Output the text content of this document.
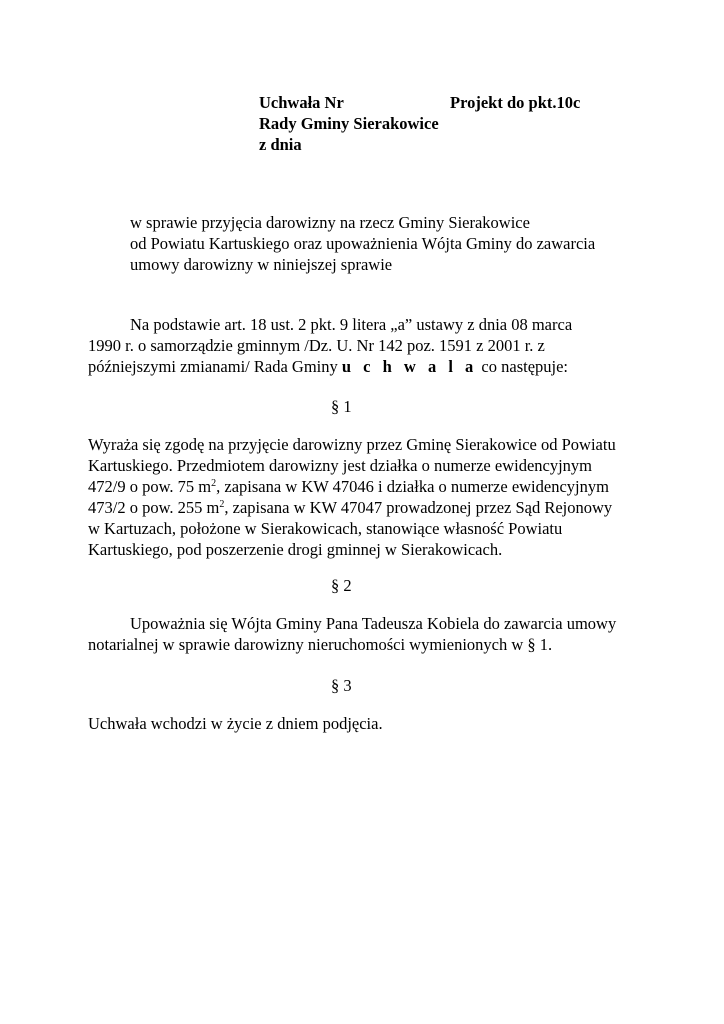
Uchwała Nr	Projekt do pkt.10c
Rady Gminy Sierakowice
z dnia
w sprawie przyjęcia darowizny na rzecz Gminy Sierakowice
od Powiatu Kartuskiego oraz upoważnienia Wójta Gminy do zawarcia
umowy darowizny w niniejszej sprawie
Na podstawie art. 18 ust. 2 pkt. 9 litera „a” ustawy z dnia 08 marca
1990 r. o samorządzie gminnym /Dz. U. Nr 142 poz. 1591 z 2001 r. z
późniejszymi zmianami/ Rada Gminy u c h w a l a co następuje:
§ 1
Wyraża się zgodę na przyjęcie darowizny przez Gminę Sierakowice od Powiatu
Kartuskiego. Przedmiotem darowizny jest działka o numerze ewidencyjnym
472/9 o pow. 75 $m^2$, zapisana w KW 47046 i działka o numerze ewidencyjnym
473/2 o pow. 255 $m^2$, zapisana w KW 47047 prowadzonej przez Sąd Rejonowy
w Kartuzach, położone w Sierakowicach, stanowiące własność Powiatu
Kartuskiego, pod poszerzenie drogi gminnej w Sierakowicach.
§ 2
Upoważnia się Wójta Gminy Pana Tadeusza Kobiela do zawarcia umowy
notarialnej w sprawie darowizny nieruchomości wymienionych w § 1.
§ 3
Uchwała wchodzi w życie z dniem podjęcia.
